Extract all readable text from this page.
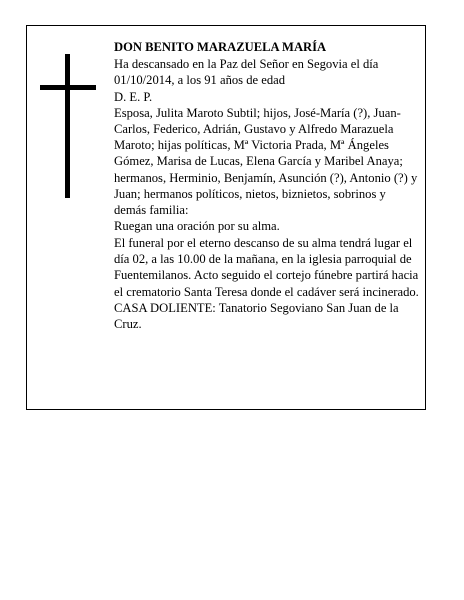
DON BENITO MARAZUELA MARÍA

Ha descansado en la Paz del Señor en Segovia el día 01/10/2014, a los 91 años de edad

D. E. P.

Esposa, Julita Maroto Subtil; hijos, José-María (?), Juan-Carlos, Federico, Adrián, Gustavo y Alfredo Marazuela Maroto; hijas políticas, Mª Victoria Prada, Mª Ángeles Gómez, Marisa de Lucas, Elena García y Maribel Anaya; hermanos, Herminio, Benjamín, Asunción (?), Antonio (?) y Juan; hermanos políticos, nietos, biznietos, sobrinos y demás familia:

Ruegan una oración por su alma.

El funeral por el eterno descanso de su alma tendrá lugar el día 02, a las 10.00 de la mañana, en la iglesia parroquial de Fuentemilanos. Acto seguido el cortejo fúnebre partirá hacia el crematorio Santa Teresa donde el cadáver será incinerado.

CASA DOLIENTE: Tanatorio Segoviano San Juan de la Cruz.
